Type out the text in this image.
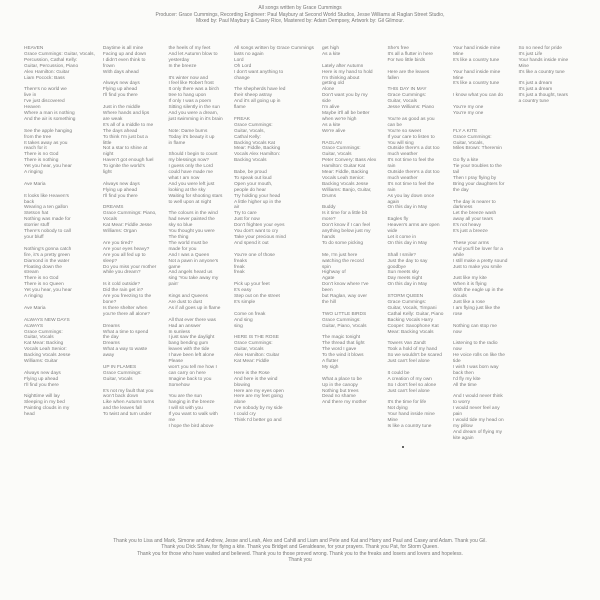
All songs written by Grace Cummings
Producer: Grace Cummings, Recording Engineer: Paul Maybury at Second World Studios, Jesse Williams at Raglan Street Studio,
Mixed by: Paul Maybury & Casey Rice, Mastered by: Adam Dempsey, Artwork by: Gil Gilmour.
HEAVEN
Grace Cummings: Guitar, Vocals,
Percussion, Cathal Kelly:
Guitar, Percussion, Piano
Alex Hamilton: Guitar
Liam Pocock: Bass

There's no world we
live in
I've just discovered
Heaven
Where a man is nothing
And the air is something

See the apple hanging
from the tree
It takes away as you
reach for it
There is no God
There is nothing
Yet you hear, you hear
A ringing

Ave Maria

It looks like Heaven's
back
Wearing a ten gallon
Stetson hat
Nothing was made for
storrier stuff
There's nobody to call
your bluff

Nothing's gonna catch
fire, it's a pretty green
Diamond in the water
Floating down the
stream
There is no God
There is no Queen
Yet you hear, you hear
A ringing

Ave Maria

ALWAYS NEW DAYS
ALWAYS
Grace Cummings:
Guitar, Vocals
Kat Mear: Backing
Vocals Leah Senior:
Backing Vocals Jesse
Williams: Guitar

Always new days
Flying up ahead
I'll find you there

Nighttime will lay
Sleeping in my bed
Painting clouds in my
head
Daytime is all mine
Facing up and down
I didn't even think to
frown
With days ahead

Always new days
Flying up ahead
I'll find you there

Just in the middle
Where hands and lips
are weak
It's all of a middle to me
The days ahead
To think I'm just but a
little
Not a star to shine at
night
Haven't got enough fuel
To ignite the world's
light

Always new days
Flying up ahead
I'll find you there

DREAMS
Grace Cummings: Piano,
Vocals
Kat Mear: Fiddle Jesse
Williams: Organ

Are you tired?
Are your eyes heavy?
Are you all fed up to
sleep?
Do you miss your mother
while you dream?

Is it cold outside?
Did the rain get in?
Are you freezing to the
bone?
Is there shelter when
you're there all alone?

Dreams
What a time to spend
the day
Dreams
What a way to waste
away

UP IN FLAMES
Grace Cummings:
Guitar, Vocals

It's not my fault that you
won't back down
Like when Autumn turns
and the leaves fall
To twist and turn under
the heels of my feet
And let Autumn blow to
yesterday
In the breeze

It's winter now and
I feel like Robert frost
It only there was a birch
tree to hang upon
If only I was a poem
Sitting silently in the sun
And you were a dream,
just swimming in it's brain

Note: Dame burns
Today it's beauty it up
in flame

Should I begin to count
my blessings now?
I guess only the Lord
could have made me
what I am now
And you were left just
looking at the sky
Waiting for shooting stars
to well upon at night

The colours in the wind
had never painted the
sky so blue
You thought you were
The thing
The world must be
made for you
And I was a Queen
Not a pawn in anyone's
game
And angels heard us
sing 'You take away my
pain'

Kings and Queens
Are dust to dust
As if all goes up in flame

All that ever there was
Had an answer
In sunless
I just saw the daylight
bang bending gum
leaves with the tide
I have been left alone
Please
won't you tell me how I
can carry on here
Imagine back to you
Somehow

You are the sun
hanging in the breeze
I will sit with you
If you want to walk with
me
I hope the bird above
All songs written by Grace Cummings
lasts no again
Lord
Oh Lord
I don't want anything to
change

The shepherds have led
their sheep astray
And it's all going up in
flame

FREAK
Grace Cummings:
Guitar, Vocals,
Cathal Kelly:
Backing Vocals Kat
Mear: Fiddle, Backing
Vocals Alex Hamilton:
Backing Vocals

Babe, be proud
To speak out loud
Open your mouth,
people do hear
Try holding your head
A little higher up in the
air
Try to care
Just for now
Don't frighten your eyes
You don't want to cry
Take your precious mind
And spend it out

You're one of those
freaks
freak
freak

Pick up your feet
It's easy
Step out on the street
It's simple

Come on freak
And sing
sing

HERE IS THE ROSE
Grace Cummings:
Guitar, Vocals
Alex Hamilton: Guitar
Kat Mear: Fiddle

Here is the Rose
And here is the wind
blowing
Here are my eyes open
Here are my feet going
alone
I've nobody by my side
I could cry
Think I'd better go and
get high
As a kite

Lately after Autumn
Here is my hand to hold
I'm thinking about
getting old
Alone
Don't want you by my
side
I'm alive
Maybe it'll all be better
when we're high
As a kite
We're alive

RAGLAN
Grace Cummings:
Guitar, Vocals
Peter Convery: Bass Alex
Hamilton: Guitar Kat
Mear: Fiddle, Backing
Vocals Leah Senior:
Backing Vocals Jesse
Williams: Banjo, Guitar,
Drums

Buddy
Is it time for a little bit
more?
Don't know if I can feel
anything below just my
hands
To do some picking

Me, I'm just here
watching the record
spin
Highway of
Agate
Don't know where I've
been
but Raglan, way over
the hill

TWO LITTLE BIRDS
Grace Cummings:
Guitar, Piano, Vocals

The magic tonight
The thread that light
The word I gave
To the wind it blows
A flutter
My sigh

What a place to be
Up in the canopy
Nothing but trees
Dead no shame
And there my mother
She's free
It's all a flutter in here
For two little birds

Here are the leaves
fallen

THIS DAY IN MAY
Grace Cummings:
Guitar, Vocals
Jesse Williams: Piano

You're as good as you
can be
You're so sweet
If your care to listen to
You will sing
Outside there's a dot too
much weather
It's not time to feel the
rain
Outside there's a dot too
much weather
It's not time to feel the
rain
As you lay down once
again
On this day in May

Eagles fly
Heaven's arms are open
wide
Let it come in
On this day in May

Shall I smile?
Just the day to say
goodbye
Sun meets sky
Day meets night
On this day in May

STORM QUEEN
Grace Cummings:
Guitar, Vocals, Timpani
Cathal Kelly: Guitar, Piano
Backing Vocals Harry
Cooper: Saxophone Kat
Mear: Backing Vocals

Towers Van Zandt
Took a hold of my hand
So we wouldn't be scared
Just can't feel alone

It could be
A creation of my own
So I don't feel so alone
Just can't feel alone

It's the time for life
Not dying
Your hand inside mine
Mine
Is like a country tune
Your hand inside mine
Mine
It's like a country tune

Your hand inside mine
Mine
It's like a country tune

I know what you can do

You're my one
You're my one

FLY A KITE
Grace Cummings:
Guitar, Vocals,
Miles Brown: Theremin

Go fly a kite
Tie your troubles to the
tail
Then I pray flying by
Bring your daughters for
the day

The day is nearer to
darkness
Let the breeze wash
away all your tears
It's not heavy
It's just a breeze

These your arms
And you'll be lover for a
while
I still make a pretty sound
Just to make you smile

Just like my kite
When it is flying
With the eagle up in the
clouds
Just like a rose
I am flying just like the
rose

Nothing can stop me
now

Listening to the radio
now
He voice rolls on like the
tide
I wish I was born way
back then
I'd fly my kite
All the time

And I would never think
to worry
I would never feel any
pain
I would tide my head on
my pillow
And dream of flying my
kite again
So no need for pride
It's just Life
Your hands inside mine
Mine
It's like a country tune

It's just a dream
It's just a dream
It's just a thought, tears
a country tune

Thank you to Lisa and Mark, Simone and Andrew, Jesse and Leah, Alex and Cahill and Liam and Pete and Kat and Harry and Paul and Casey and Adam. Thank you Gil.
Thank you Dick Shaw, for flying a kite. Thank you Bridget and Geraldeane, for your prayers. Thank you Pat, for Storm Queen.
Thank you for those who have waited and believed. Thank you to those proved wrong. Thank you to the freaks and losers and lovers and hopeless.
Thank you
